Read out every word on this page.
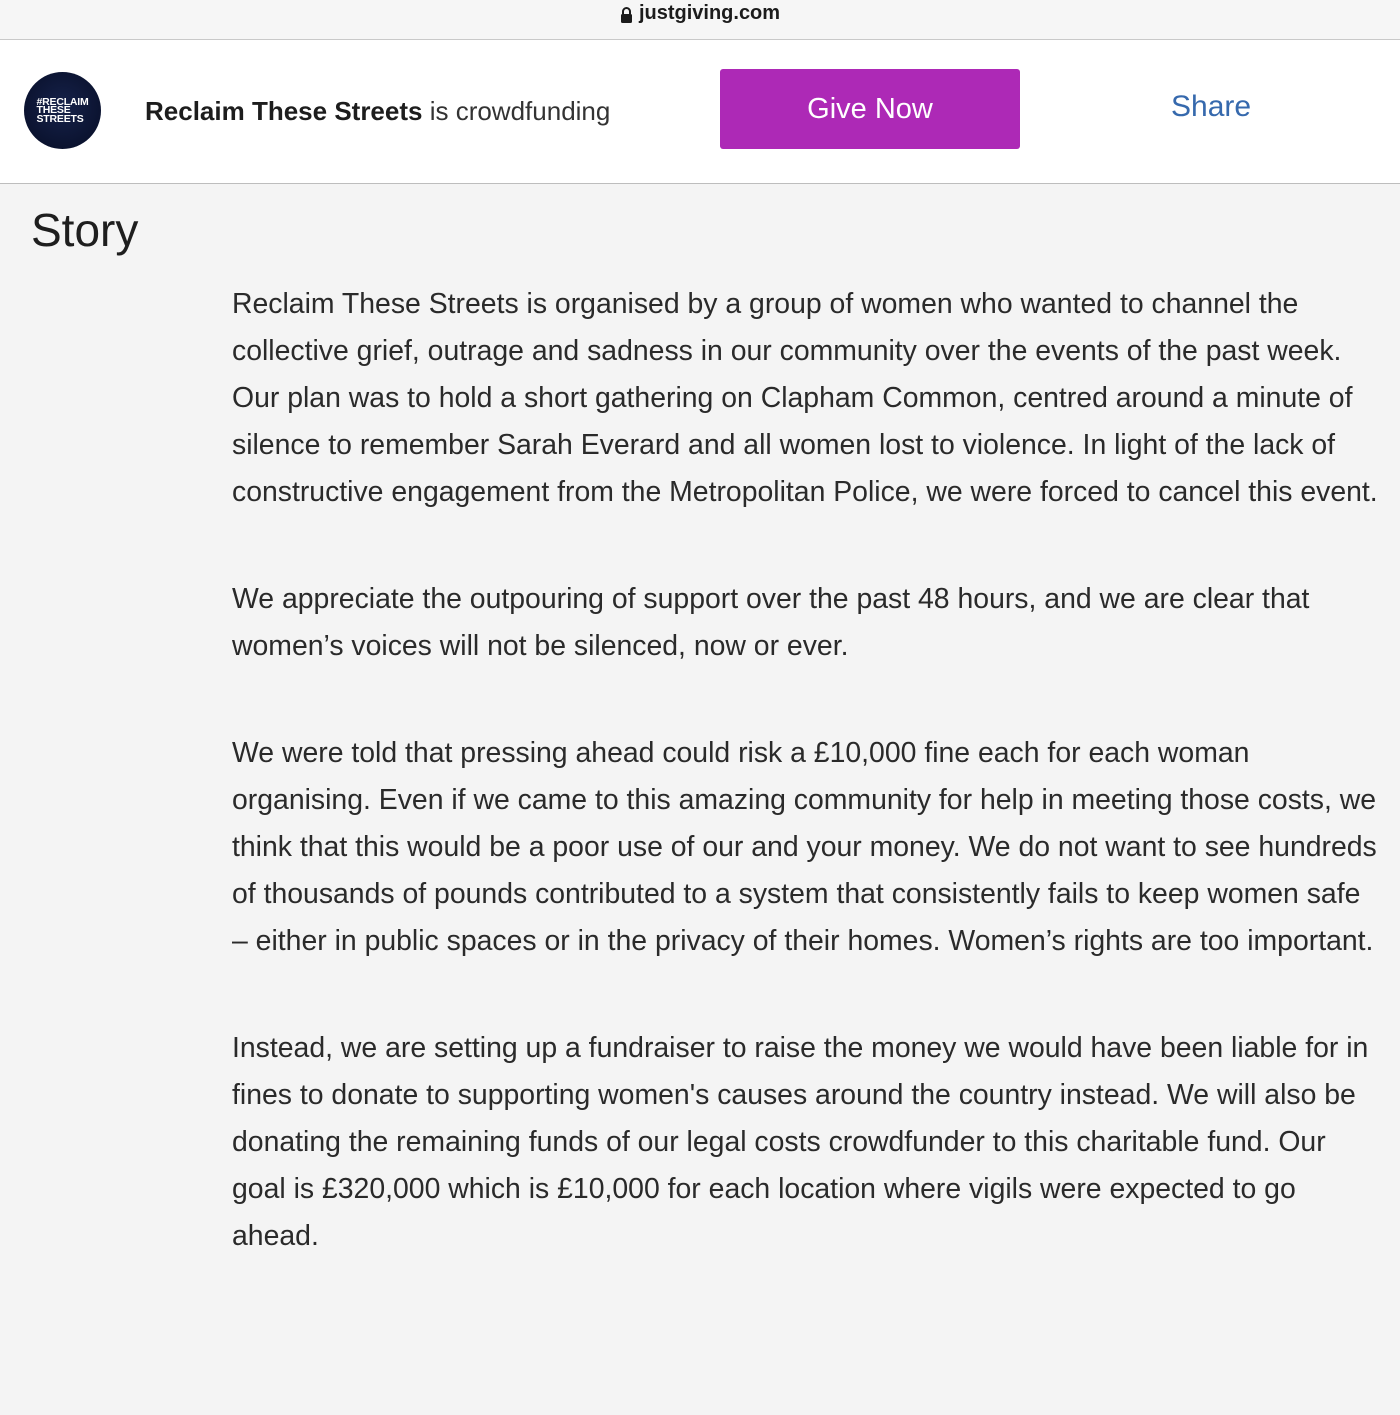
justgiving.com
#RECLAIM
THESE
STREETS	Reclaim These Streets is crowdfunding	Give Now	Share
Story

Reclaim These Streets is organised by a group of women who wanted to channel the collective grief, outrage and sadness in our community over the events of the past week. Our plan was to hold a short gathering on Clapham Common, centred around a minute of silence to remember Sarah Everard and all women lost to violence. In light of the lack of constructive engagement from the Metropolitan Police, we were forced to cancel this event.

We appreciate the outpouring of support over the past 48 hours, and we are clear that women’s voices will not be silenced, now or ever.

We were told that pressing ahead could risk a £10,000 fine each for each woman organising. Even if we came to this amazing community for help in meeting those costs, we think that this would be a poor use of our and your money. We do not want to see hundreds of thousands of pounds contributed to a system that consistently fails to keep women safe – either in public spaces or in the privacy of their homes. Women’s rights are too important.

Instead, we are setting up a fundraiser to raise the money we would have been liable for in fines to donate to supporting women's causes around the country instead. We will also be donating the remaining funds of our legal costs crowdfunder to this charitable fund. Our goal is £320,000 which is £10,000 for each location where vigils were expected to go ahead.
